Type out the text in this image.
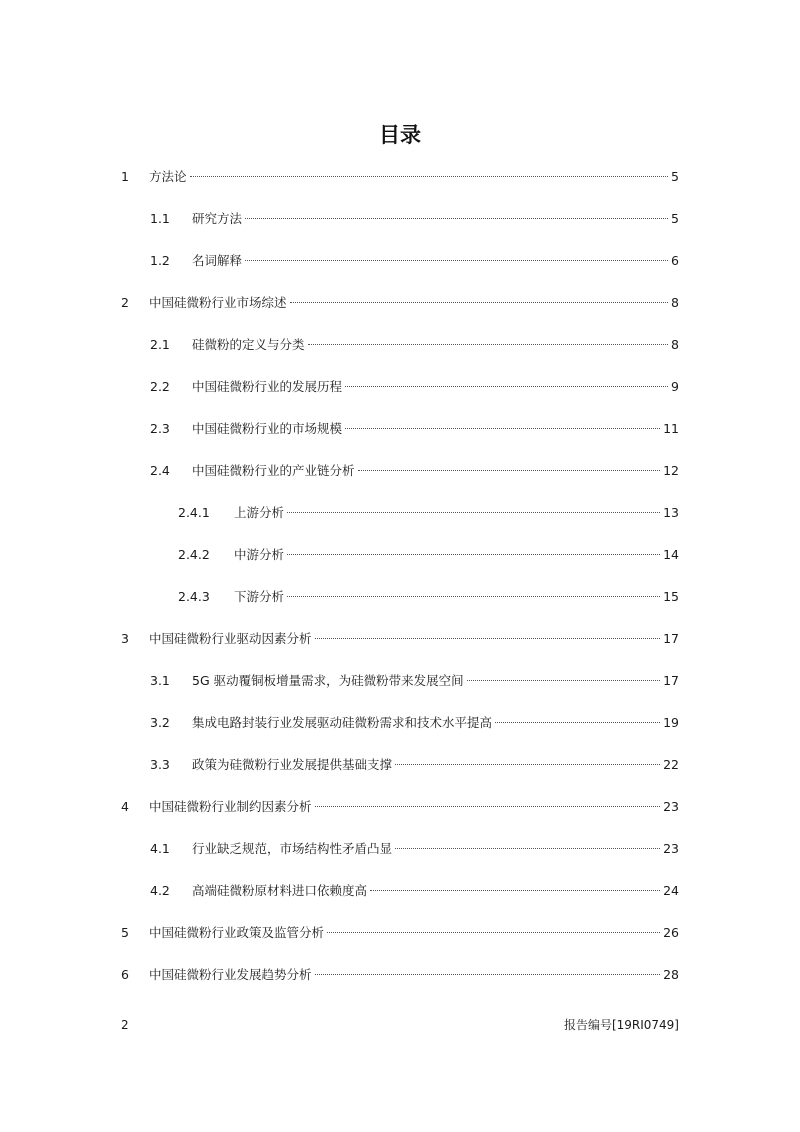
目录
1	方法论	5
1.1	研究方法	5
1.2	名词解释	6
2	中国硅微粉行业市场综述	8
2.1	硅微粉的定义与分类	8
2.2	中国硅微粉行业的发展历程	9
2.3	中国硅微粉行业的市场规模	11
2.4	中国硅微粉行业的产业链分析	12
2.4.1	上游分析	13
2.4.2	中游分析	14
2.4.3	下游分析	15
3	中国硅微粉行业驱动因素分析	17
3.1	5G 驱动覆铜板增量需求，为硅微粉带来发展空间	17
3.2	集成电路封装行业发展驱动硅微粉需求和技术水平提高	19
3.3	政策为硅微粉行业发展提供基础支撑	22
4	中国硅微粉行业制约因素分析	23
4.1	行业缺乏规范，市场结构性矛盾凸显	23
4.2	高端硅微粉原材料进口依赖度高	24
5	中国硅微粉行业政策及监管分析	26
6	中国硅微粉行业发展趋势分析	28
2	报告编号[19RI0749]
